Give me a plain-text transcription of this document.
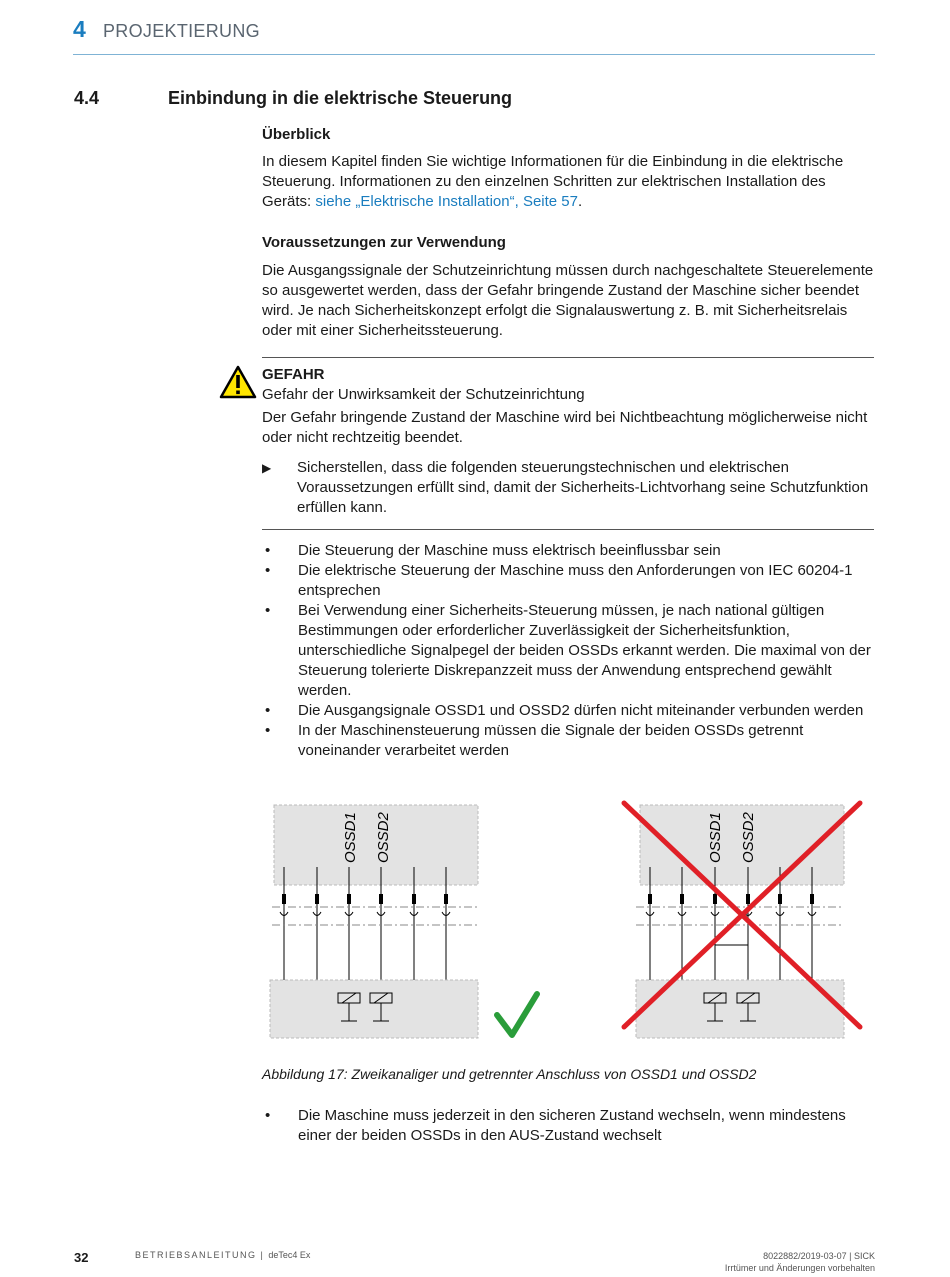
4 PROJEKTIERUNG
4.4	Einbindung in die elektrische Steuerung
Überblick
In diesem Kapitel finden Sie wichtige Informationen für die Einbindung in die elektrische Steuerung. Informationen zu den einzelnen Schritten zur elektrischen Installation des Geräts: siehe „Elektrische Installation“, Seite 57.
Voraussetzungen zur Verwendung
Die Ausgangssignale der Schutzeinrichtung müssen durch nachgeschaltete Steuerelemente so ausgewertet werden, dass der Gefahr bringende Zustand der Maschine sicher beendet wird. Je nach Sicherheitskonzept erfolgt die Signalauswertung z. B. mit Sicherheitsrelais oder mit einer Sicherheitssteuerung.
GEFAHR
Gefahr der Unwirksamkeit der Schutzeinrichtung
Der Gefahr bringende Zustand der Maschine wird bei Nichtbeachtung möglicherweise nicht oder nicht rechtzeitig beendet.
▶ Sicherstellen, dass die folgenden steuerungstechnischen und elektrischen Voraussetzungen erfüllt sind, damit der Sicherheits-Lichtvorhang seine Schutzfunktion erfüllen kann.
• Die Steuerung der Maschine muss elektrisch beeinflussbar sein
• Die elektrische Steuerung der Maschine muss den Anforderungen von IEC 60204-1 entsprechen
• Bei Verwendung einer Sicherheits-Steuerung müssen, je nach national gültigen Bestimmungen oder erforderlicher Zuverlässigkeit der Sicherheitsfunktion, unterschiedliche Signalpegel der beiden OSSDs erkannt werden. Die maximal von der Steuerung tolerierte Diskrepanzzeit muss der Anwendung entsprechend gewählt werden.
• Die Ausgangsignale OSSD1 und OSSD2 dürfen nicht miteinander verbunden werden
• In der Maschinensteuerung müssen die Signale der beiden OSSDs getrennt voneinander verarbeitet werden
OSSD1 OSSD2	OSSD1 OSSD2
Abbildung 17: Zweikanaliger und getrennter Anschluss von OSSD1 und OSSD2
• Die Maschine muss jederzeit in den sicheren Zustand wechseln, wenn mindestens einer der beiden OSSDs in den AUS-Zustand wechselt
32	BETRIEBSANLEITUNG | deTec4 Ex	8022882/2019-03-07 | SICK
Irrtümer und Änderungen vorbehalten
